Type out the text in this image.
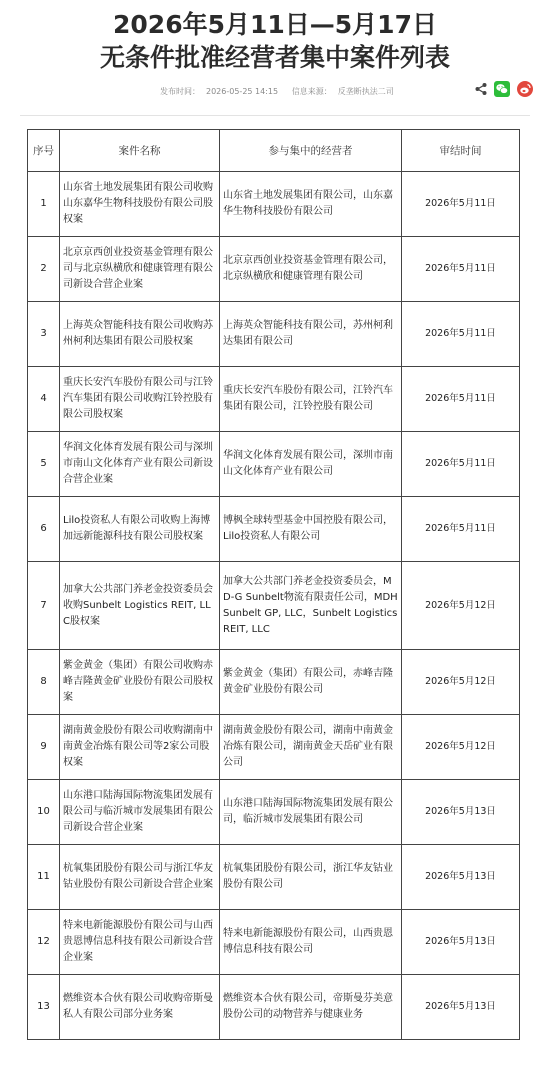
2026年5月11日—5月17日
无条件批准经营者集中案件列表
发布时间： 2026-05-25 14:15 信息来源： 反垄断执法二司
序号	案件名称	参与集中的经营者	审结时间
1	山东省土地发展集团有限公司收购山东嘉华生物科技股份有限公司股权案	山东省土地发展集团有限公司，山东嘉华生物科技股份有限公司	2026年5月11日
2	北京京西创业投资基金管理有限公司与北京纵横欣和健康管理有限公司新设合营企业案	北京京西创业投资基金管理有限公司，北京纵横欣和健康管理有限公司	2026年5月11日
3	上海英众智能科技有限公司收购苏州柯利达集团有限公司股权案	上海英众智能科技有限公司，苏州柯利达集团有限公司	2026年5月11日
4	重庆长安汽车股份有限公司与江铃汽车集团有限公司收购江铃控股有限公司股权案	重庆长安汽车股份有限公司，江铃汽车集团有限公司，江铃控股有限公司	2026年5月11日
5	华润文化体育发展有限公司与深圳市南山文化体育产业有限公司新设合营企业案	华润文化体育发展有限公司，深圳市南山文化体育产业有限公司	2026年5月11日
6	Lilo投资私人有限公司收购上海博加远新能源科技有限公司股权案	博枫全球转型基金中国控股有限公司，Lilo投资私人有限公司	2026年5月11日
7	加拿大公共部门养老金投资委员会收购Sunbelt Logistics REIT, LLC股权案	加拿大公共部门养老金投资委员会，MD-G Sunbelt物流有限责任公司，MDH Sunbelt GP, LLC，Sunbelt Logistics REIT, LLC	2026年5月12日
8	紫金黄金（集团）有限公司收购赤峰吉隆黄金矿业股份有限公司股权案	紫金黄金（集团）有限公司，赤峰吉隆黄金矿业股份有限公司	2026年5月12日
9	湖南黄金股份有限公司收购湖南中南黄金冶炼有限公司等2家公司股权案	湖南黄金股份有限公司，湖南中南黄金冶炼有限公司，湖南黄金天岳矿业有限公司	2026年5月12日
10	山东港口陆海国际物流集团发展有限公司与临沂城市发展集团有限公司新设合营企业案	山东港口陆海国际物流集团发展有限公司，临沂城市发展集团有限公司	2026年5月13日
11	杭氧集团股份有限公司与浙江华友钴业股份有限公司新设合营企业案	杭氧集团股份有限公司，浙江华友钴业股份有限公司	2026年5月13日
12	特来电新能源股份有限公司与山西贵恩博信息科技有限公司新设合营企业案	特来电新能源股份有限公司，山西贵恩博信息科技有限公司	2026年5月13日
13	燃维资本合伙有限公司收购帝斯曼私人有限公司部分业务案	燃维资本合伙有限公司，帝斯曼芬美意股份公司的动物营养与健康业务	2026年5月13日
